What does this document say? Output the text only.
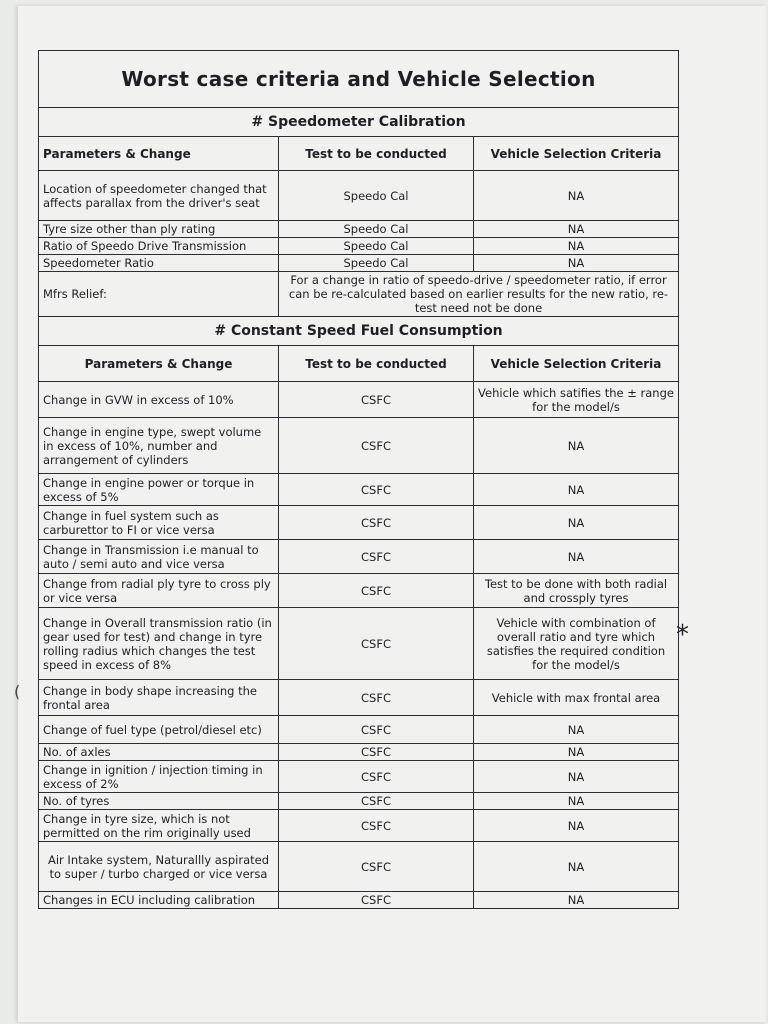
Worst case criteria and Vehicle Selection		
# Speedometer Calibration		
Parameters & Change	Test to be conducted	Vehicle Selection Criteria
Location of speedometer changed that affects parallax from the driver's seat	Speedo Cal	NA
Tyre size other than ply rating	Speedo Cal	NA
Ratio of Speedo Drive Transmission	Speedo Cal	NA
Speedometer Ratio	Speedo Cal	NA
Mfrs Relief:	For a change in ratio of speedo-drive / speedometer ratio, if error can be re-calculated based on earlier results for the new ratio, re-test need not be done	
# Constant Speed Fuel Consumption		
Parameters & Change	Test to be conducted	Vehicle Selection Criteria
Change in GVW in excess of 10%	CSFC	Vehicle which satifies the ± range for the model/s
Change in engine type, swept volume in excess of 10%, number and arrangement of cylinders	CSFC	NA
Change in engine power or torque in excess of 5%	CSFC	NA
Change in fuel system such as carburettor to FI or vice versa	CSFC	NA
Change in Transmission i.e manual to auto / semi auto and vice versa	CSFC	NA
Change from radial ply tyre to cross ply or vice versa	CSFC	Test to be done with both radial and crossply tyres
Change in Overall transmission ratio (in gear used for test) and change in tyre rolling radius which changes the test speed in excess of 8%	CSFC	Vehicle with combination of overall ratio and tyre which satisfies the required condition for the model/s
Change in body shape increasing the frontal area	CSFC	Vehicle with max frontal area
Change of fuel type (petrol/diesel etc)	CSFC	NA
No. of axles	CSFC	NA
Change in ignition / injection timing in excess of 2%	CSFC	NA
No. of tyres	CSFC	NA
Change in tyre size, which is not permitted on the rim originally used	CSFC	NA
Air Intake system, Naturallly aspirated to super / turbo charged or vice versa	CSFC	NA
Changes in ECU including calibration	CSFC	NA
*
(
